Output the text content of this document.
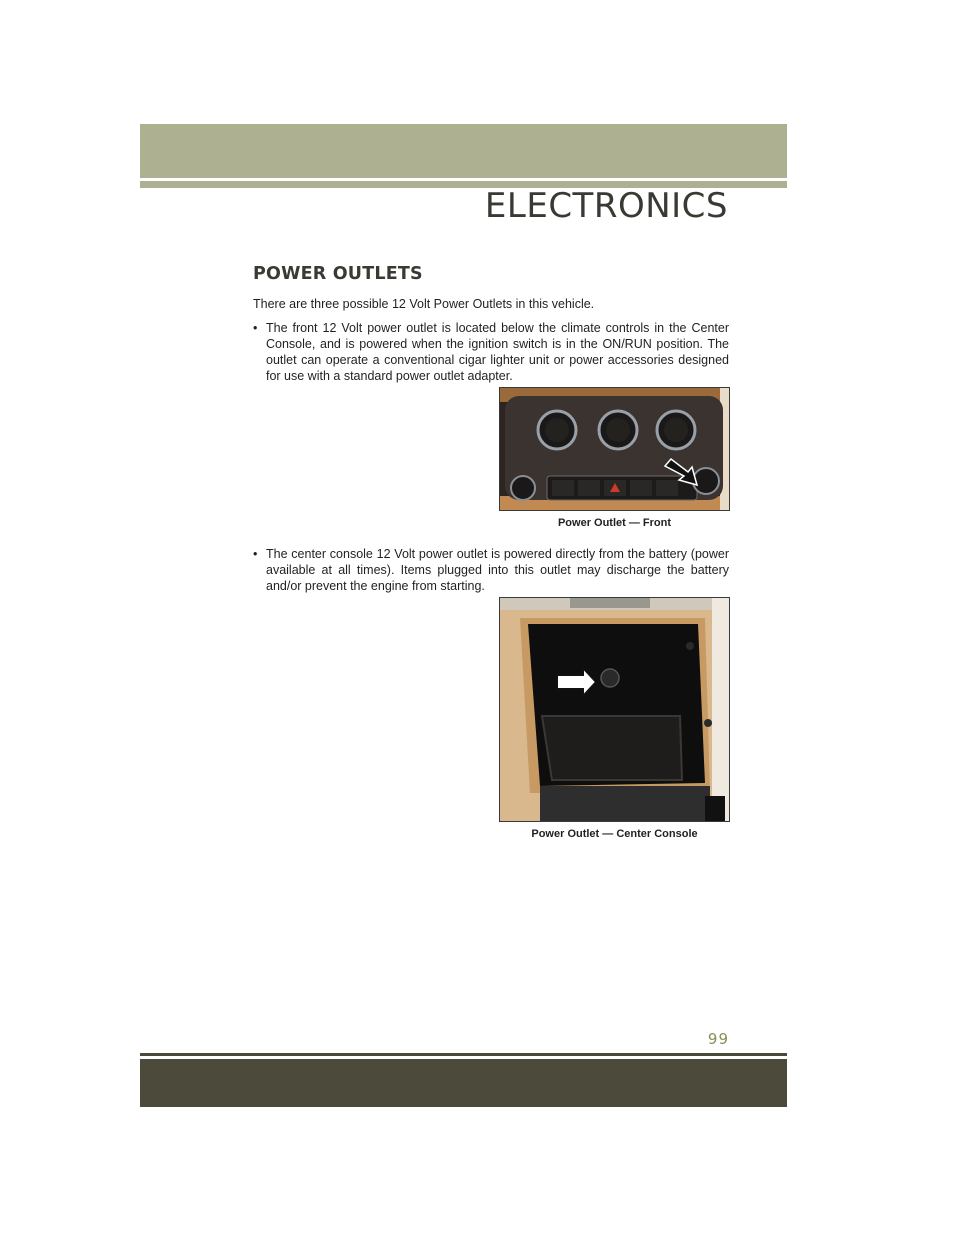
ELECTRONICS
POWER OUTLETS
There are three possible 12 Volt Power Outlets in this vehicle.
• The front 12 Volt power outlet is located below the climate controls in the Center Console, and is powered when the ignition switch is in the ON/RUN position. The outlet can operate a conventional cigar lighter unit or power accessories designed for use with a standard power outlet adapter.
Power Outlet — Front
• The center console 12 Volt power outlet is powered directly from the battery (power available at all times). Items plugged into this outlet may discharge the battery and/or prevent the engine from starting.
Power Outlet — Center Console
99
